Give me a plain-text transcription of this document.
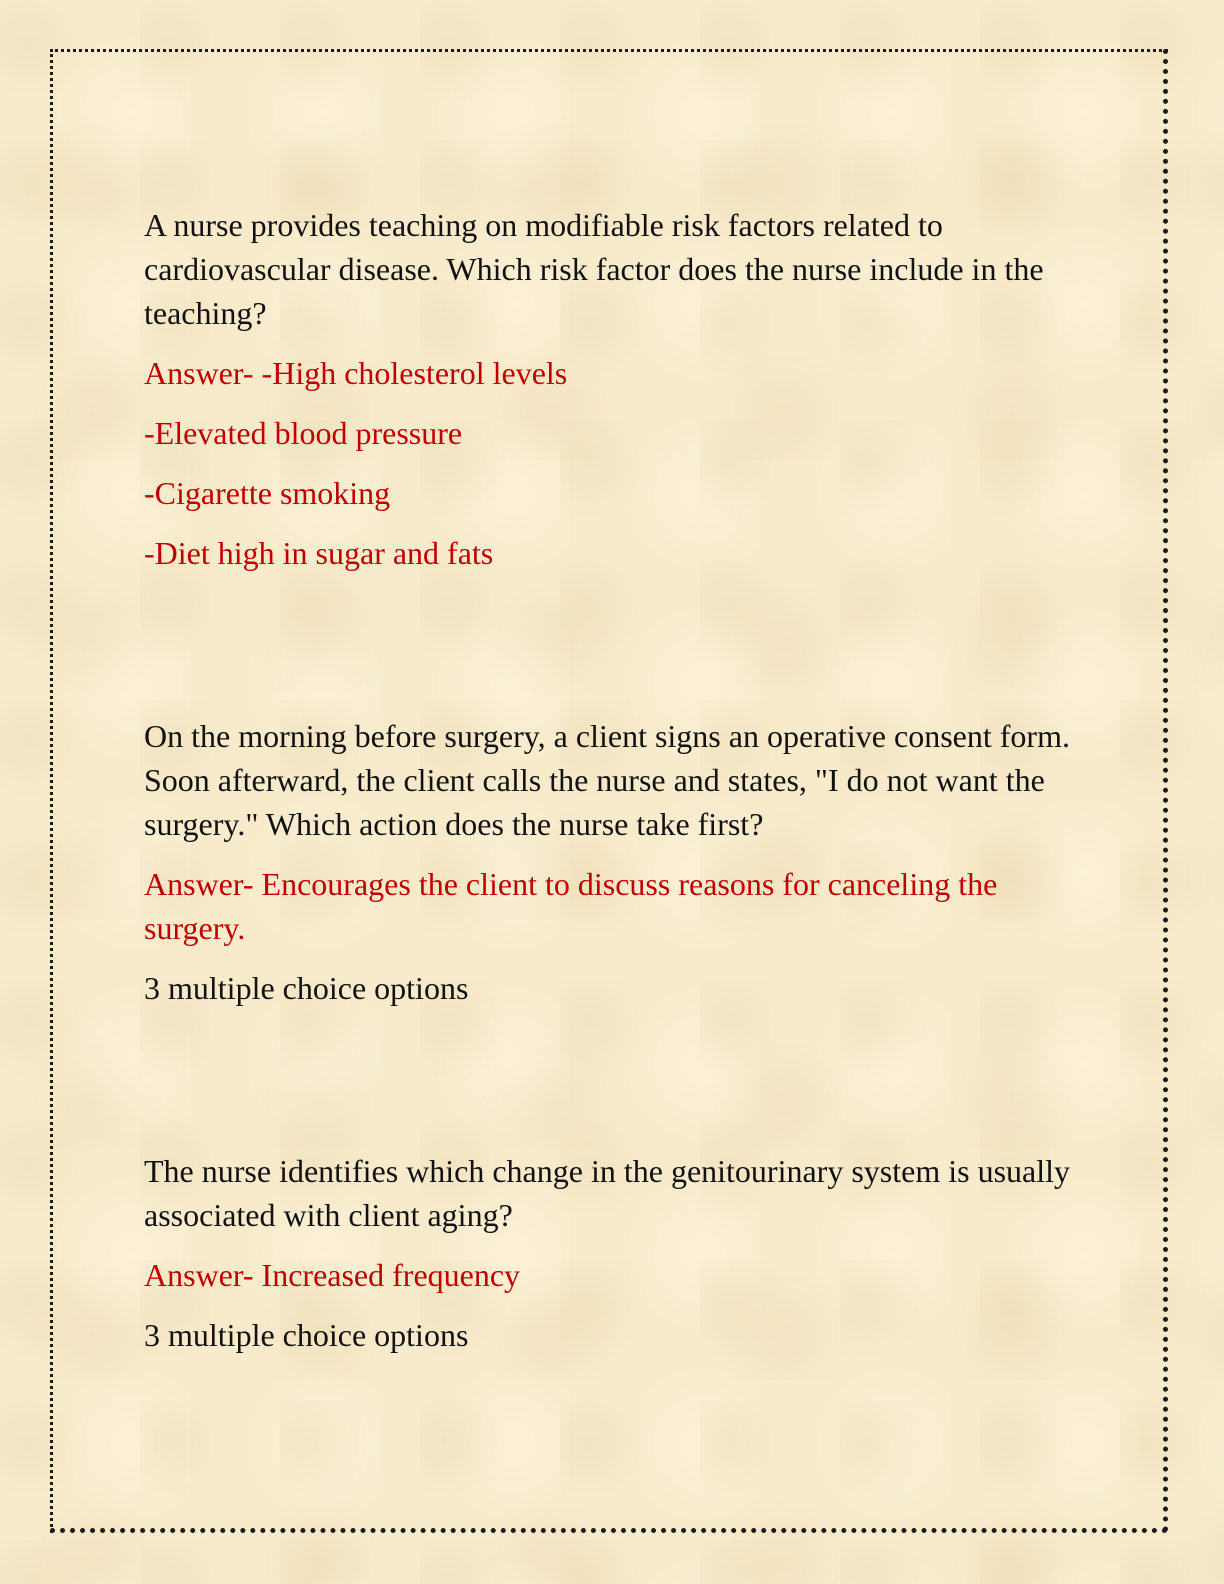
A nurse provides teaching on modifiable risk factors related to cardiovascular disease. Which risk factor does the nurse include in the teaching?

Answer- -High cholesterol levels

-Elevated blood pressure

-Cigarette smoking

-Diet high in sugar and fats

On the morning before surgery, a client signs an operative consent form. Soon afterward, the client calls the nurse and states, "I do not want the surgery." Which action does the nurse take first?

Answer- Encourages the client to discuss reasons for canceling the surgery.

3 multiple choice options

The nurse identifies which change in the genitourinary system is usually associated with client aging?

Answer- Increased frequency

3 multiple choice options
